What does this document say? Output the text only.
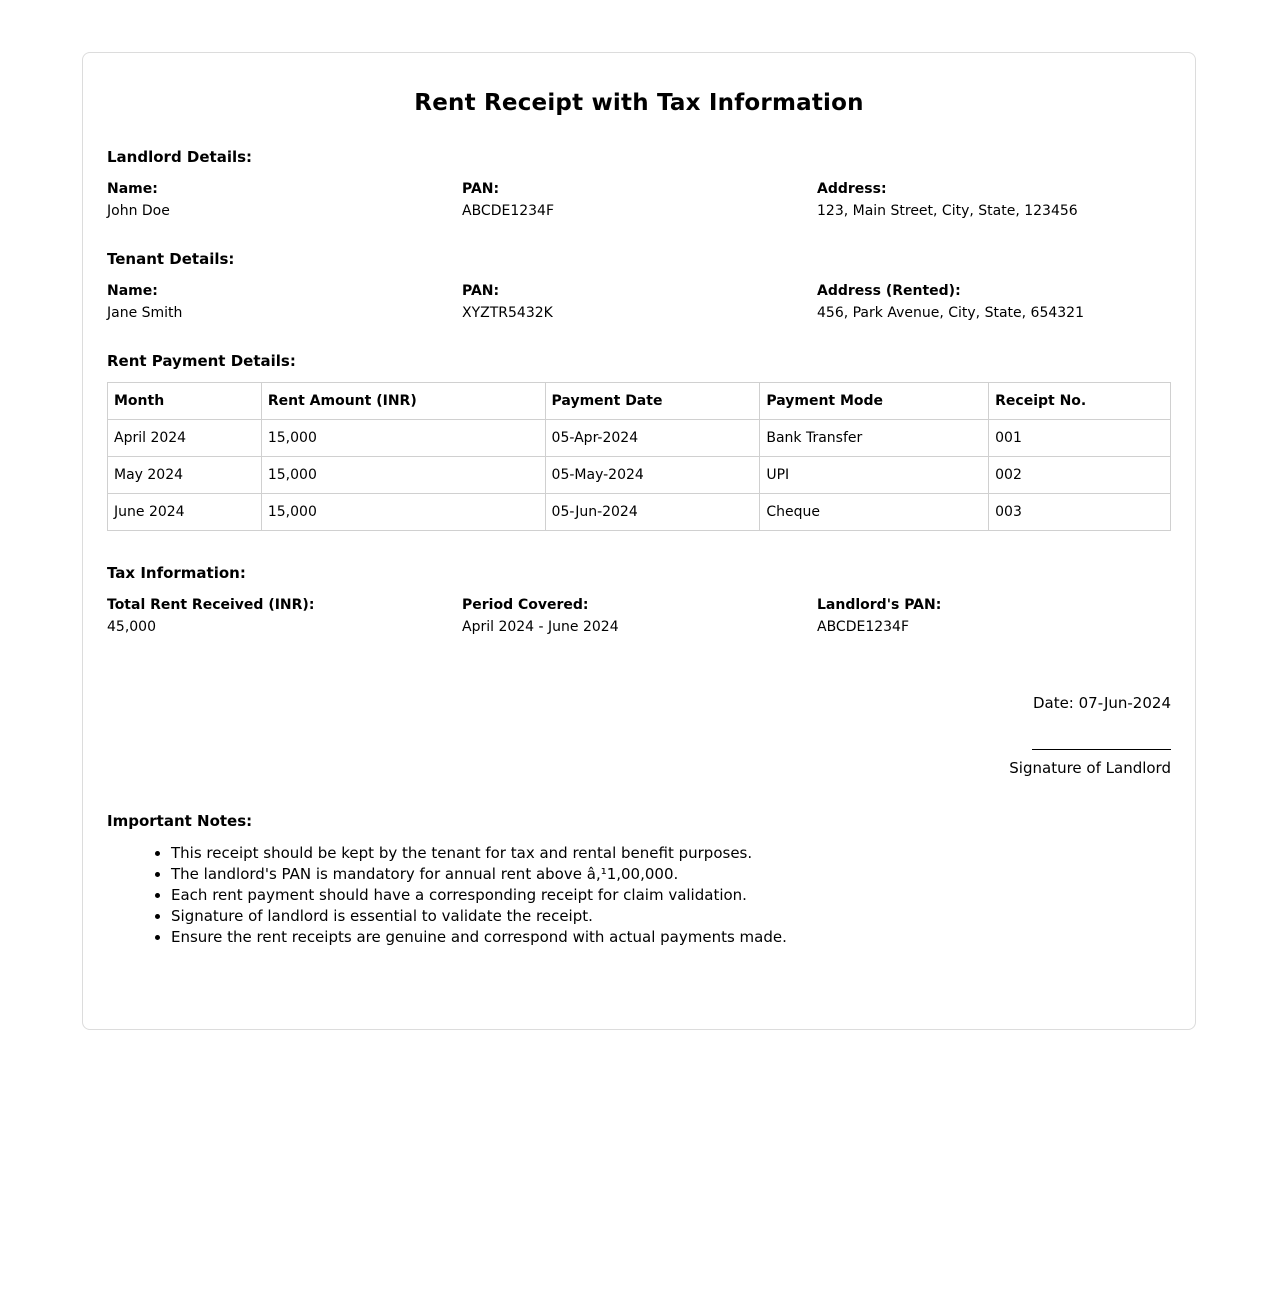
Rent Receipt with Tax Information
Landlord Details:
Name:
John Doe
PAN:
ABCDE1234F
Address:
123, Main Street, City, State, 123456
Tenant Details:
Name:
Jane Smith
PAN:
XYZTR5432K
Address (Rented):
456, Park Avenue, City, State, 654321
Rent Payment Details:
Month	Rent Amount (INR)	Payment Date	Payment Mode	Receipt No.
April 2024	15,000	05-Apr-2024	Bank Transfer	001
May 2024	15,000	05-May-2024	UPI	002
June 2024	15,000	05-Jun-2024	Cheque	003
Tax Information:
Total Rent Received (INR):
45,000
Period Covered:
April 2024 - June 2024
Landlord's PAN:
ABCDE1234F
Date: 07-Jun-2024
Signature of Landlord
Important Notes:
• This receipt should be kept by the tenant for tax and rental benefit purposes.
• The landlord's PAN is mandatory for annual rent above â‚¹1,00,000.
• Each rent payment should have a corresponding receipt for claim validation.
• Signature of landlord is essential to validate the receipt.
• Ensure the rent receipts are genuine and correspond with actual payments made.
